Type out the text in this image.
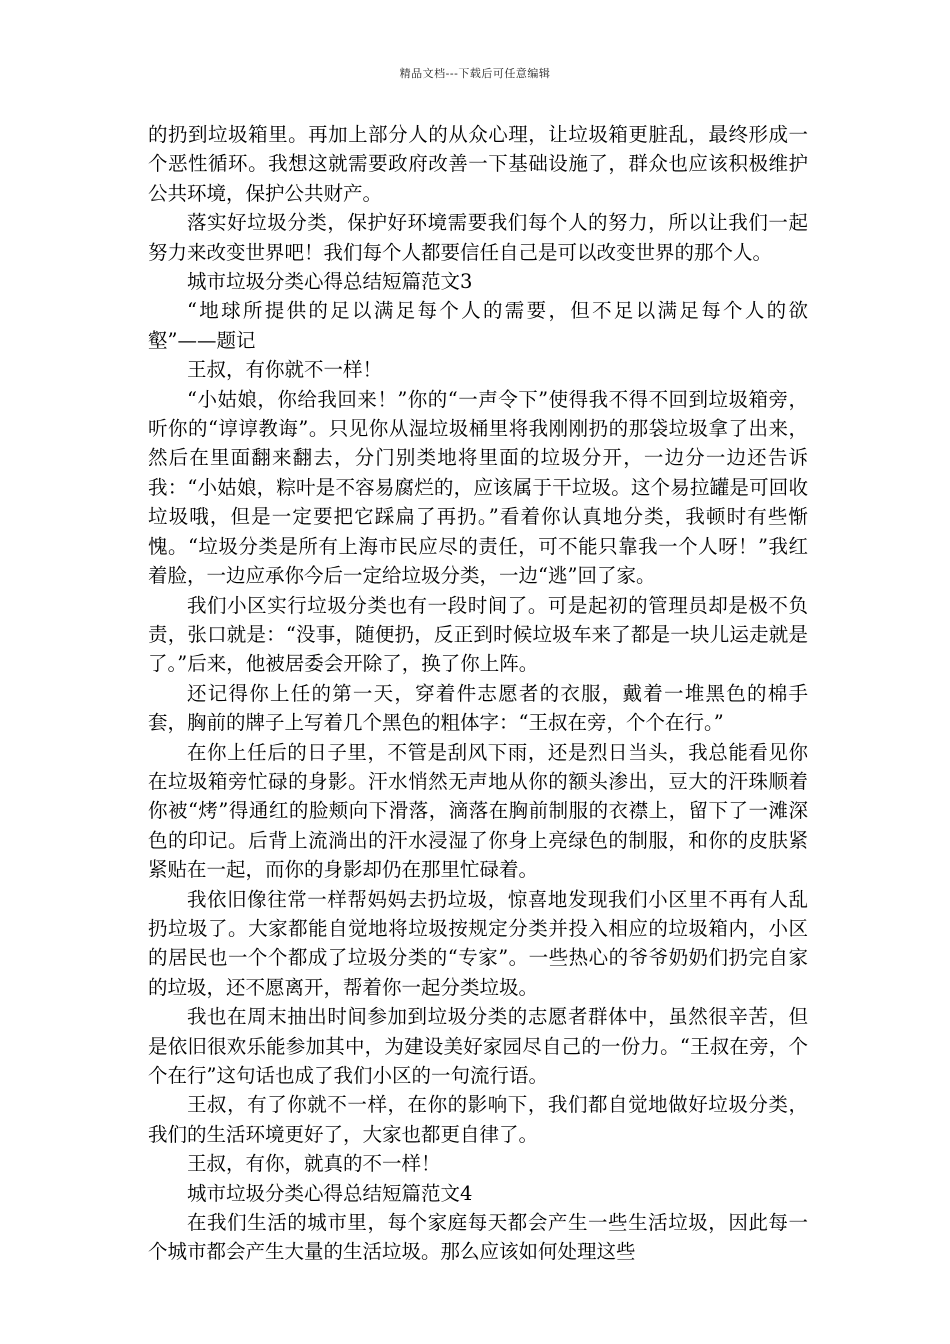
精品文档---下载后可任意编辑

的扔到垃圾箱里。再加上部分人的从众心理，让垃圾箱更脏乱，最终形成一个恶性循环。我想这就需要政府改善一下基础设施了，群众也应该积极维护公共环境，保护公共财产。

落实好垃圾分类，保护好环境需要我们每个人的努力，所以让我们一起努力来改变世界吧！我们每个人都要信任自己是可以改变世界的那个人。

城市垃圾分类心得总结短篇范文3

“地球所提供的足以满足每个人的需要，但不足以满足每个人的欲壑”——题记

王叔，有你就不一样！

“小姑娘，你给我回来！”你的“一声令下”使得我不得不回到垃圾箱旁，听你的“谆谆教诲”。只见你从湿垃圾桶里将我刚刚扔的那袋垃圾拿了出来，然后在里面翻来翻去，分门别类地将里面的垃圾分开，一边分一边还告诉我：“小姑娘，粽叶是不容易腐烂的，应该属于干垃圾。这个易拉罐是可回收垃圾哦，但是一定要把它踩扁了再扔。”看着你认真地分类，我顿时有些惭愧。“垃圾分类是所有上海市民应尽的责任，可不能只靠我一个人呀！”我红着脸，一边应承你今后一定给垃圾分类，一边“逃”回了家。

我们小区实行垃圾分类也有一段时间了。可是起初的管理员却是极不负责，张口就是：“没事，随便扔，反正到时候垃圾车来了都是一块儿运走就是了。”后来，他被居委会开除了，换了你上阵。

还记得你上任的第一天，穿着件志愿者的衣服，戴着一堆黑色的棉手套，胸前的牌子上写着几个黑色的粗体字：“王叔在旁，个个在行。”

在你上任后的日子里，不管是刮风下雨，还是烈日当头，我总能看见你在垃圾箱旁忙碌的身影。汗水悄然无声地从你的额头渗出，豆大的汗珠顺着你被“烤”得通红的脸颊向下滑落，滴落在胸前制服的衣襟上，留下了一滩深色的印记。后背上流淌出的汗水浸湿了你身上亮绿色的制服，和你的皮肤紧紧贴在一起，而你的身影却仍在那里忙碌着。

我依旧像往常一样帮妈妈去扔垃圾，惊喜地发现我们小区里不再有人乱扔垃圾了。大家都能自觉地将垃圾按规定分类并投入相应的垃圾箱内，小区的居民也一个个都成了垃圾分类的“专家”。一些热心的爷爷奶奶们扔完自家的垃圾，还不愿离开，帮着你一起分类垃圾。

我也在周末抽出时间参加到垃圾分类的志愿者群体中，虽然很辛苦，但是依旧很欢乐能参加其中，为建设美好家园尽自己的一份力。“王叔在旁，个个在行”这句话也成了我们小区的一句流行语。

王叔，有了你就不一样，在你的影响下，我们都自觉地做好垃圾分类，我们的生活环境更好了，大家也都更自律了。

王叔，有你，就真的不一样！

城市垃圾分类心得总结短篇范文4

在我们生活的城市里，每个家庭每天都会产生一些生活垃圾，因此每一个城市都会产生大量的生活垃圾。那么应该如何处理这些
